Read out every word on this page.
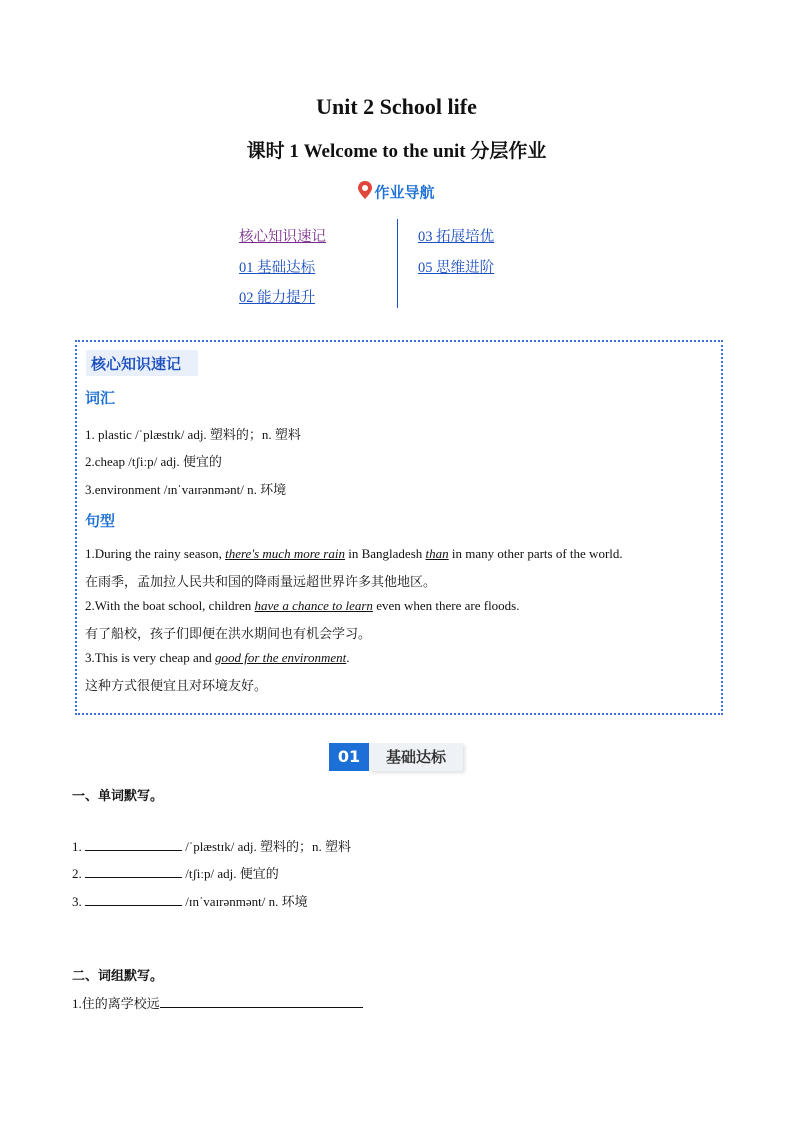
Unit 2 School life
课时 1 Welcome to the unit 分层作业
作业导航
核心知识速记
01 基础达标
02 能力提升
03 拓展培优
05 思维进阶
核心知识速记
词汇
1. plastic /ˈplæstɪk/ adj. 塑料的；n. 塑料
2.cheap /tʃiːp/ adj. 便宜的
3.environment /ɪnˈvaɪrənmənt/ n. 环境
句型
1.During the rainy season, there's much more rain in Bangladesh than in many other parts of the world.
在雨季，孟加拉人民共和国的降雨量远超世界许多其他地区。
2.With the boat school, children have a chance to learn even when there are floods.
有了船校，孩子们即便在洪水期间也有机会学习。
3.This is very cheap and good for the environment.
这种方式很便宜且对环境友好。
01	基础达标
一、单词默写。
1.	/ˈplæstɪk/ adj. 塑料的；n. 塑料
2.	/tʃiːp/ adj. 便宜的
3.	/ɪnˈvaɪrənmənt/ n. 环境
二、词组默写。
1.住的离学校远
